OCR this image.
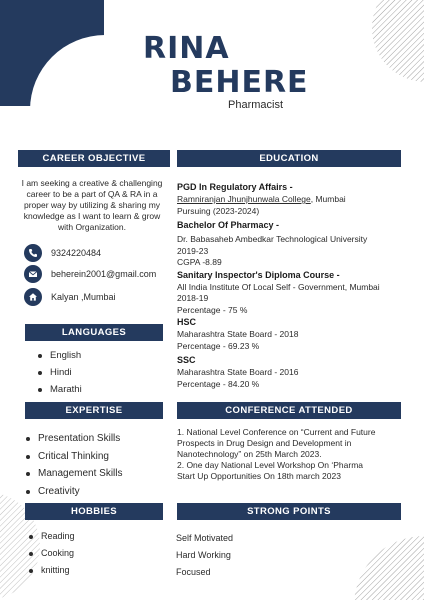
RINA
BEHERE
Pharmacist
CAREER OBJECTIVE
I am seeking a creative & challenging
career to be a part of QA & RA in a
proper way by utilizing & sharing my
knowledge as I want to learn & grow
with Organization.
9324220484
beherein2001@gmail.com
Kalyan ,Mumbai
LANGUAGES
English
Hindi
Marathi
EXPERTISE
Presentation Skills
Critical Thinking
Management Skills
Creativity
HOBBIES
Reading
Cooking
knitting
EDUCATION
PGD In Regulatory Affairs -
Ramniranjan Jhunjhunwala College, Mumbai
Pursuing (2023-2024)
Bachelor Of Pharmacy -
Dr. Babasaheb Ambedkar Technological University
2019-23
CGPA -8.89
Sanitary Inspector's Diploma Course -
All India Institute Of Local Self - Government, Mumbai
2018-19
Percentage - 75 %
HSC
Maharashtra State Board - 2018
Percentage - 69.23 %
SSC
Maharashtra State Board - 2016
Percentage - 84.20 %
CONFERENCE ATTENDED
1. National Level Conference on “Current and Future
Prospects in Drug Design and Development in
Nanotechnology” on 25th March 2023.
2. One day National Level Workshop On ‘Pharma
Start Up Opportunities On 18th march 2023
STRONG POINTS
Self Motivated
Hard Working
Focused
